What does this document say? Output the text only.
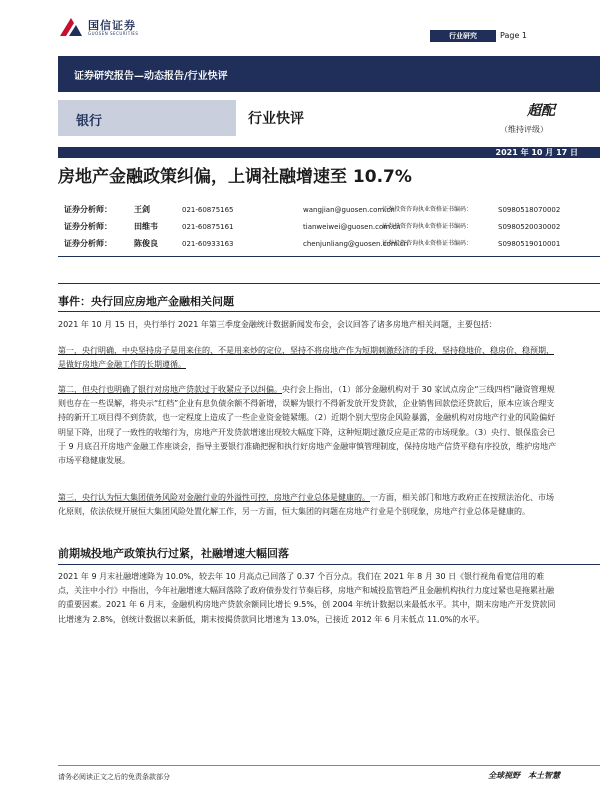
国信证券
GUOSEN SECURITIES	行业研究	Page 1
证券研究报告—动态报告/行业快评
银行	行业快评	超配
（维持评级）
2021 年 10 月 17 日
房地产金融政策纠偏，上调社融增速至 10.7%
证券分析师：	王剑	021-60875165	wangjian@guosen.com.cn
证券投资咨询执业资格证书编码：	S0980518070002
证券分析师：	田维韦	021-60875161	tianweiwei@guosen.com.cn
证券投资咨询执业资格证书编码：	S0980520030002
证券分析师：	陈俊良	021-60933163	chenjunliang@guosen.com.cn
证券投资咨询执业资格证书编码：	S0980519010001
事件：央行回应房地产金融相关问题
2021 年 10 月 15 日，央行举行 2021 年第三季度金融统计数据新闻发布会，会议回答了诸多房地产相关问题，主要包括：
第一，央行明确，中央坚持房子是用来住的、不是用来炒的定位，坚持不将房地产作为短期刺激经济的手段，坚持稳地价、稳房价、稳预期，是做好房地产金融工作的长期遵循。
第二，但央行也明确了银行对房地产贷款过于收紧应予以纠偏。央行会上指出，（1）部分金融机构对于 30 家试点房企“三线四档”融资管理规则也存在一些误解，将央示“红档”企业有息负债余额不得新增，误解为银行不得新发放开发贷款，企业销售回款偿还贷款后，原本应该合理支持的新开工项目得不到贷款，也一定程度上造成了一些企业资金链紧绷。（2）近期个别大型房企风险暴露，金融机构对房地产行业的风险偏好明显下降，出现了一致性的收缩行为，房地产开发贷款增速出现较大幅度下降，这种短期过激反应是正常的市场现象。（3）央行、银保监会已于 9 月底召开房地产金融工作座谈会，指导主要银行准确把握和执行好房地产金融审慎管理制度，保持房地产信贷平稳有序投放，维护房地产市场平稳健康发展。
第三，央行认为恒大集团债务风险对金融行业的外溢性可控，房地产行业总体是健康的。一方面，相关部门和地方政府正在按照法治化、市场化原则，依法依规开展恒大集团风险处置化解工作，另一方面，恒大集团的问题在房地产行业是个别现象，房地产行业总体是健康的。
前期城投地产政策执行过紧，社融增速大幅回落
2021 年 9 月末社融增速降为 10.0%，较去年 10 月高点已回落了 0.37 个百分点。我们在 2021 年 8 月 30 日《银行视角看宽信用的难点，关注中小行》中指出，今年社融增速大幅回落除了政府债券发行节奏后移，房地产和城投监管趋严且金融机构执行力度过紧也是拖累社融的重要因素。2021 年 6 月末，金融机构房地产贷款余额同比增长 9.5%，创 2004 年统计数据以来最低水平。其中，期末房地产开发贷款同比增速为 2.8%，创统计数据以来新低，期末按揭贷款同比增速为 13.0%，已接近 2012 年 6 月末低点 11.0%的水平。
请务必阅读正文之后的免责条款部分	全球视野　本土智慧
